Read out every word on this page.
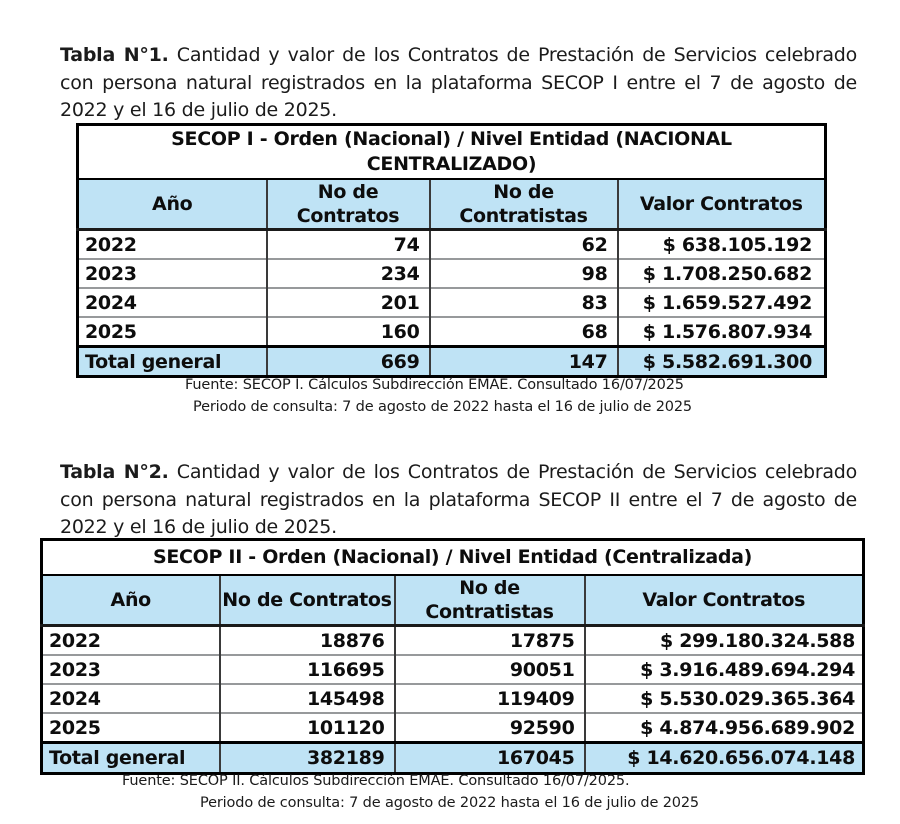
Tabla N°1. Cantidad y valor de los Contratos de Prestación de Servicios celebrado con persona natural registrados en la plataforma SECOP I entre el 7 de agosto de 2022 y el 16 de julio de 2025.

SECOP I - Orden (Nacional) / Nivel Entidad (NACIONAL CENTRALIZADO)			
Año	No de Contratos	No de Contratistas	Valor Contratos
2022	74	62	$ 638.105.192
2023	234	98	$ 1.708.250.682
2024	201	83	$ 1.659.527.492
2025	160	68	$ 1.576.807.934
Total general	669	147	$ 5.582.691.300
Fuente: SECOP I. Cálculos Subdirección EMAE. Consultado 16/07/2025
Periodo de consulta: 7 de agosto de 2022 hasta el 16 de julio de 2025

Tabla N°2. Cantidad y valor de los Contratos de Prestación de Servicios celebrado con persona natural registrados en la plataforma SECOP II entre el 7 de agosto de 2022 y el 16 de julio de 2025.

SECOP II - Orden (Nacional) / Nivel Entidad (Centralizada)			
Año	No de Contratos	No de Contratistas	Valor Contratos
2022	18876	17875	$ 299.180.324.588
2023	116695	90051	$ 3.916.489.694.294
2024	145498	119409	$ 5.530.029.365.364
2025	101120	92590	$ 4.874.956.689.902
Total general	382189	167045	$ 14.620.656.074.148
Fuente: SECOP II. Cálculos Subdirección EMAE. Consultado 16/07/2025.
Periodo de consulta: 7 de agosto de 2022 hasta el 16 de julio de 2025
